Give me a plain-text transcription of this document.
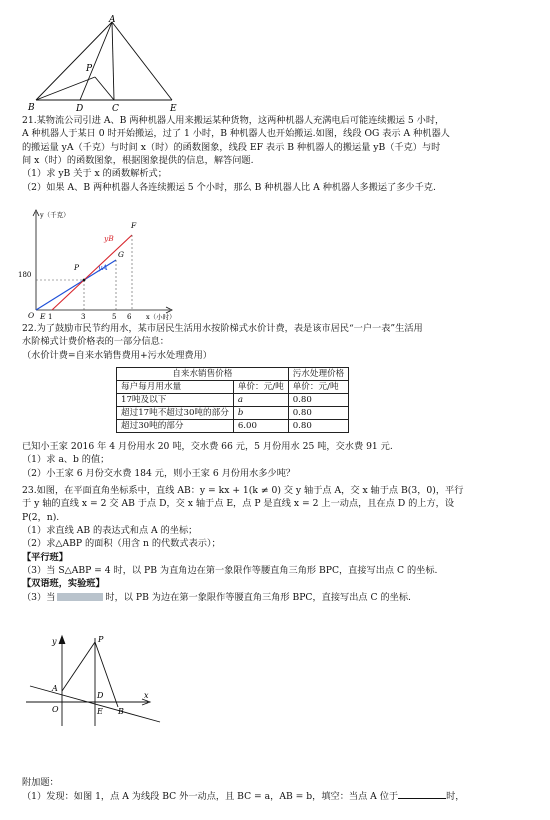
A
P
B	D	C	E
21.某物流公司引进 A、B 两种机器人用来搬运某种货物，这两种机器人充满电后可能连续搬运 5 小时，
A 种机器人于某日 0 时开始搬运，过了 1 小时，B 种机器人也开始搬运.如图，线段 OG 表示 A 种机器人
的搬运量 yA（千克）与时间 x（时）的函数图象，线段 EF 表示 B 种机器人的搬运量 yB（千克）与时
间 x（时）的函数图象，根据图象提供的信息，解答问题.
（1）求 yB 关于 x 的函数解析式；
（2）如果 A、B 两种机器人各连续搬运 5 个小时，那么 B 种机器人比 A 种机器人多搬运了多少千克.
y（千克）
x（小时）
180
O E 1	3	5 6
P
G
F
yA
yB
22.为了鼓励市民节约用水，某市居民生活用水按阶梯式水价计费，表是该市居民“一户一表”生活用
水阶梯式计费价格表的一部分信息：
（水价计费=自来水销售费用+污水处理费用）
自来水销售价格		污水处理价格
每户每月用水量	单价：元/吨	单价：元/吨
17吨及以下	a	0.80
超过17吨不超过30吨的部分	b	0.80
超过30吨的部分	6.00	0.80
已知小王家 2016 年 4 月份用水 20 吨，交水费 66 元，5 月份用水 25 吨，交水费 91 元.
（1）求 a、b 的值；
（2）小王家 6 月份交水费 184 元，则小王家 6 月份用水多少吨？
23.如图，在平面直角坐标系中，直线 AB：y = kx + 1(k ≠ 0) 交 y 轴于点 A，交 x 轴于点 B(3，0)，平行
于 y 轴的直线 x = 2 交 AB 于点 D，交 x 轴于点 E，点 P 是直线 x = 2 上一动点，且在点 D 的上方，设
P(2，n).
（1）求直线 AB 的表达式和点 A 的坐标；
（2）求△ABP 的面积（用含 n 的代数式表示）；
【平行班】
（3）当 S△ABP = 4 时，以 PB 为直角边在第一象限作等腰直角三角形 BPC，直接写出点 C 的坐标.
【双语班，实验班】
（3）当	时，以 PB 为边在第一象限作等腰直角三角形 BPC，直接写出点 C 的坐标.
y
x
P
A
D
O	E B
附加题：
（1）发现：如图 1，点 A 为线段 BC 外一动点，且 BC = a，AB = b，填空：当点 A 位于	时，
